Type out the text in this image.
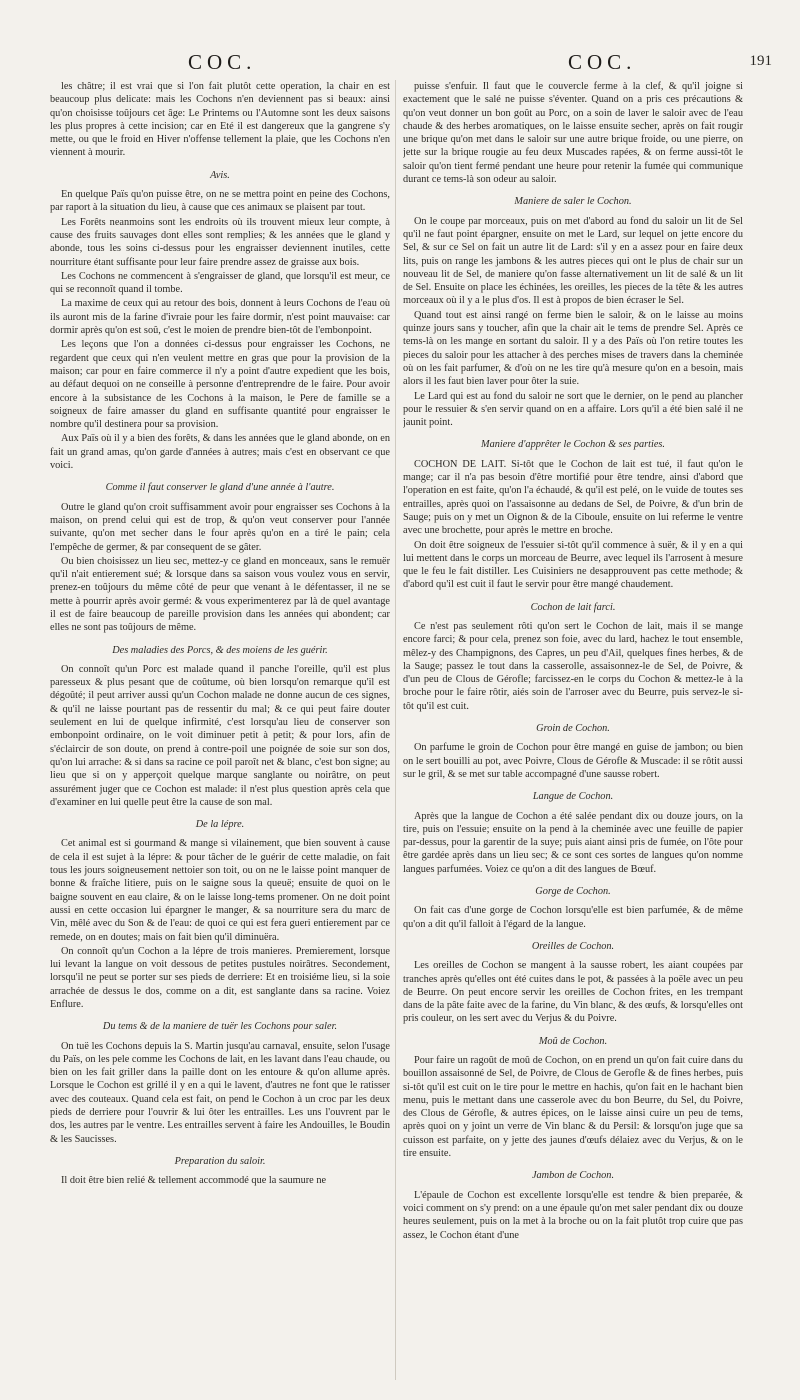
COC.	COC.	191

les châtre; il est vrai que si l'on fait plutôt cette operation, la chair en est beaucoup plus delicate: mais les Cochons n'en deviennent pas si beaux: ainsi qu'on choisisse toûjours cet âge: Le Printems ou l'Automne sont les deux saisons les plus propres à cette incision; car en Eté il est dangereux que la gangrene s'y mette, ou que le froid en Hiver n'offense tellement la plaie, que les Cochons n'en viennent à mourir.

Avis.

En quelque Païs qu'on puisse être, on ne se mettra point en peine des Cochons, par raport à la situation du lieu, à cause que ces animaux se plaisent par tout.

Les Forêts neanmoins sont les endroits où ils trouvent mieux leur compte, à cause des fruits sauvages dont elles sont remplies; & les années que le gland y abonde, tous les soins ci-dessus pour les engraisser deviennent inutiles, cette nourriture étant suffisante pour leur faire prendre assez de graisse aux bois.

Les Cochons ne commencent à s'engraisser de gland, que lorsqu'il est meur, ce qui se reconnoît quand il tombe.

La maxime de ceux qui au retour des bois, donnent à leurs Cochons de l'eau où ils auront mis de la farine d'ivraie pour les faire dormir, n'est point mauvaise: car dormir après qu'on est soû, c'est le moien de prendre bien-tôt de l'embonpoint.

Les leçons que l'on a données ci-dessus pour engraisser les Cochons, ne regardent que ceux qui n'en veulent mettre en gras que pour la provision de la maison; car pour en faire commerce il n'y a point d'autre expedient que les bois, au défaut dequoi on ne conseille à personne d'entreprendre de le faire. Pour avoir encore à la subsistance de les Cochons à la maison, le Pere de famille se a soigneux de faire amasser du gland en suffisante quantité pour engraisser le nombre qu'il destinera pour sa provision.

Aux Païs où il y a bien des forêts, & dans les années que le gland abonde, on en fait un grand amas, qu'on garde d'années à autres; mais c'est en observant ce que voici.

Comme il faut conserver le gland d'une année à l'autre.

Outre le gland qu'on croit suffisamment avoir pour engraisser ses Cochons à la maison, on prend celui qui est de trop, & qu'on veut conserver pour l'année suivante, qu'on met secher dans le four après qu'on en a tiré le pain; cela l'empêche de germer, & par consequent de se gâter.

Ou bien choisissez un lieu sec, mettez-y ce gland en monceaux, sans le remuër qu'il n'ait entierement sué; & lorsque dans sa saison vous voulez vous en servir, prenez-en toûjours du même côté de peur que venant à le défentasser, il ne se mette à pourrir après avoir germé: & vous experimenterez par là de quel avantage il est de faire beaucoup de pareille provision dans les années qui abondent; car elles ne sont pas toûjours de même.

Des maladies des Porcs, & des moiens de les guérir.

On connoît qu'un Porc est malade quand il panche l'oreille, qu'il est plus paresseux & plus pesant que de coûtume, où bien lorsqu'on remarque qu'il est dégoûté; il peut arriver aussi qu'un Cochon malade ne donne aucun de ces signes, & qu'il ne laisse pourtant pas de ressentir du mal; & ce qui peut faire douter seulement en lui de quelque infirmité, c'est lorsqu'au lieu de conserver son embonpoint ordinaire, on le voit diminuer petit à petit; & pour lors, afin de s'éclaircir de son doute, on prend à contre-poil une poignée de soie sur son dos, qu'on lui arrache: & si dans sa racine ce poil paroît net & blanc, c'est bon signe; au lieu que si on y apperçoit quelque marque sanglante ou noirâtre, on peut assurément juger que ce Cochon est malade: il n'est plus question après cela que d'examiner en lui quelle peut être la cause de son mal.

De la lépre.

Cet animal est si gourmand & mange si vilainement, que bien souvent à cause de cela il est sujet à la lépre: & pour tâcher de le guérir de cette maladie, on fait tous les jours soigneusement nettoier son toit, ou on ne le laisse point manquer de bonne & fraîche litiere, puis on le saigne sous la queuë; ensuite de quoi on le baigne souvent en eau claire, & on le laisse long-tems promener. On ne doit point aussi en cette occasion lui épargner le manger, & sa nourriture sera du marc de Vin, mêlé avec du Son & de l'eau: de quoi ce qui est fera gueri entierement par ce remede, on en doutes; mais on fait bien qu'il diminuëra.

On connoît qu'un Cochon a la lépre de trois manieres. Premierement, lorsque lui levant la langue on voit dessous de petites pustules noirâtres. Secondement, lorsqu'il ne peut se porter sur ses pieds de derriere: Et en troisiéme lieu, si la soie arrachée de dessus le dos, comme on a dit, est sanglante dans sa racine. Voiez Enflure.

Du tems & de la maniere de tuër les Cochons pour saler.

On tuë les Cochons depuis la S. Martin jusqu'au carnaval, ensuite, selon l'usage du Païs, on les pele comme les Cochons de lait, en les lavant dans l'eau chaude, ou bien on les fait griller dans la paille dont on les entoure & qu'on allume après. Lorsque le Cochon est grillé il y en a qui le lavent, d'autres ne font que le ratisser avec des couteaux. Quand cela est fait, on pend le Cochon à un croc par les deux pieds de derriere pour l'ouvrir & lui ôter les entrailles. Les uns l'ouvrent par le dos, les autres par le ventre. Les entrailles servent à faire les Andouilles, le Boudin & les Saucisses.

Preparation du saloir.

Il doit être bien relié & tellement accommodé que la saumure ne

puisse s'enfuir. Il faut que le couvercle ferme à la clef, & qu'il joigne si exactement que le salé ne puisse s'éventer. Quand on a pris ces précautions & qu'on veut donner un bon goût au Porc, on a soin de laver le saloir avec de l'eau chaude & des herbes aromatiques, on le laisse ensuite secher, après on fait rougir une brique qu'on met dans le saloir sur une autre brique froide, ou une pierre, on jette sur la brique rougie au feu deux Muscades rapées, & on ferme aussi-tôt le saloir qu'on tient fermé pendant une heure pour retenir la fumée qui communique durant ce tems-là son odeur au saloir.

Maniere de saler le Cochon.

On le coupe par morceaux, puis on met d'abord au fond du saloir un lit de Sel qu'il ne faut point épargner, ensuite on met le Lard, sur lequel on jette encore du Sel, & sur ce Sel on fait un autre lit de Lard: s'il y en a assez pour en faire deux lits, puis on range les jambons & les autres pieces qui ont le plus de chair sur un nouveau lit de Sel, de maniere qu'on fasse alternativement un lit de salé & un lit de Sel. Ensuite on place les échinées, les oreilles, les pieces de la tête & les autres morceaux où il y a le plus d'os. Il est à propos de bien écraser le Sel.

Quand tout est ainsi rangé on ferme bien le saloir, & on le laisse au moins quinze jours sans y toucher, afin que la chair ait le tems de prendre Sel. Après ce tems-là on les mange en sortant du saloir. Il y a des Païs où l'on retire toutes les pieces du saloir pour les attacher à des perches mises de travers dans la cheminée où on les fait parfumer, & d'où on ne les tire qu'à mesure qu'on en a besoin, mais alors il les faut bien laver pour ôter la suie.

Le Lard qui est au fond du saloir ne sort que le dernier, on le pend au plancher pour le ressuier & s'en servir quand on en a affaire. Lors qu'il a été bien salé il ne jaunit point.

Maniere d'apprêter le Cochon & ses parties.

COCHON DE LAIT. Si-tôt que le Cochon de lait est tué, il faut qu'on le mange; car il n'a pas besoin d'être mortifié pour être tendre, ainsi d'abord que l'operation en est faite, qu'on l'a échaudé, & qu'il est pelé, on le vuide de toutes ses entrailles, après quoi on l'assaisonne au dedans de Sel, de Poivre, & d'un brin de Sauge; puis on y met un Oignon & de la Ciboule, ensuite on lui referme le ventre avec une brochette, pour après le mettre en broche.

On doit être soigneux de l'essuier si-tôt qu'il commence à suër, & il y en a qui lui mettent dans le corps un morceau de Beurre, avec lequel ils l'arrosent à mesure que le feu le fait distiller. Les Cuisiniers ne desapprouvent pas cette methode; & d'abord qu'il est cuit il faut le servir pour être mangé chaudement.

Cochon de lait farci.

Ce n'est pas seulement rôti qu'on sert le Cochon de lait, mais il se mange encore farci; & pour cela, prenez son foie, avec du lard, hachez le tout ensemble, mêlez-y des Champignons, des Capres, un peu d'Ail, quelques fines herbes, & de la Sauge; passez le tout dans la casserolle, assaisonnez-le de Sel, de Poivre, & d'un peu de Clous de Gérofle; farcissez-en le corps du Cochon & mettez-le à la broche pour le faire rôtir, aiés soin de l'arroser avec du Beurre, puis servez-le si-tôt qu'il est cuit.

Groin de Cochon.

On parfume le groin de Cochon pour être mangé en guise de jambon; ou bien on le sert bouilli au pot, avec Poivre, Clous de Gérofle & Muscade: il se rôtit aussi sur le gril, & se met sur table accompagné d'une sausse robert.

Langue de Cochon.

Après que la langue de Cochon a été salée pendant dix ou douze jours, on la tire, puis on l'essuie; ensuite on la pend à la cheminée avec une feuille de papier par-dessus, pour la garentir de la suye; puis aiant ainsi pris de fumée, on l'ôte pour être gardée après dans un lieu sec; & ce sont ces sortes de langues qu'on nomme langues parfumées. Voiez ce qu'on a dit des langues de Bœuf.

Gorge de Cochon.

On fait cas d'une gorge de Cochon lorsqu'elle est bien parfumée, & de même qu'on a dit qu'il falloit à l'égard de la langue.

Oreilles de Cochon.

Les oreilles de Cochon se mangent à la sausse robert, les aiant coupées par tranches après qu'elles ont été cuites dans le pot, & passées à la poële avec un peu de Beurre. On peut encore servir les oreilles de Cochon frites, en les trempant dans de la pâte faite avec de la farine, du Vin blanc, & des œufs, & lorsqu'elles ont pris couleur, on les sert avec du Verjus & du Poivre.

Moû de Cochon.

Pour faire un ragoût de moû de Cochon, on en prend un qu'on fait cuire dans du bouillon assaisonné de Sel, de Poivre, de Clous de Gerofle & de fines herbes, puis si-tôt qu'il est cuit on le tire pour le mettre en hachis, qu'on fait en le hachant bien menu, puis le mettant dans une casserole avec du bon Beurre, du Sel, du Poivre, des Clous de Gérofle, & autres épices, on le laisse ainsi cuire un peu de tems, après quoi on y joint un verre de Vin blanc & du Persil: & lorsqu'on juge que sa cuisson est parfaite, on y jette des jaunes d'œufs délaiez avec du Verjus, & on le tire ensuite.

Jambon de Cochon.

L'épaule de Cochon est excellente lorsqu'elle est tendre & bien preparée, & voici comment on s'y prend: on a une épaule qu'on met saler pendant dix ou douze heures seulement, puis on la met à la broche ou on la fait plutôt trop cuire que pas assez, le Cochon étant d'une
